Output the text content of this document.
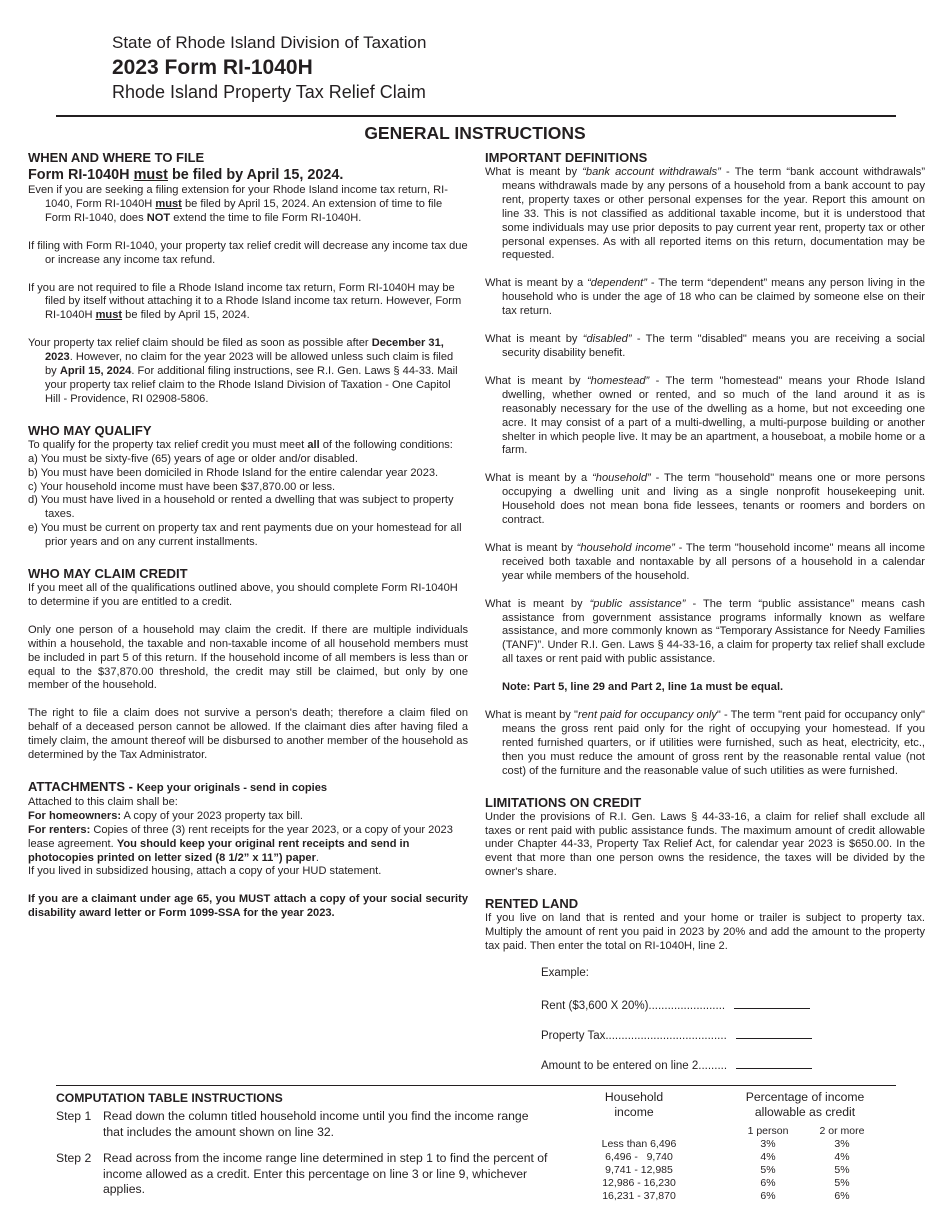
State of Rhode Island Division of Taxation
2023 Form RI-1040H
Rhode Island Property Tax Relief Claim
GENERAL INSTRUCTIONS

WHEN AND WHERE TO FILE

Form RI-1040H must be filed by April 15, 2024.

Even if you are seeking a filing extension for your Rhode Island income tax return, RI-1040, Form RI-1040H must be filed by April 15, 2024. An extension of time to file Form RI-1040, does NOT extend the time to file Form RI-1040H.

If filing with Form RI-1040, your property tax relief credit will decrease any income tax due or increase any income tax refund.

If you are not required to file a Rhode Island income tax return, Form RI-1040H may be filed by itself without attaching it to a Rhode Island income tax return. However, Form RI-1040H must be filed by April 15, 2024.

Your property tax relief claim should be filed as soon as possible after December 31, 2023. However, no claim for the year 2023 will be allowed unless such claim is filed by April 15, 2024. For additional filing instructions, see R.I. Gen. Laws § 44-33. Mail your property tax relief claim to the Rhode Island Division of Taxation - One Capitol Hill - Providence, RI 02908-5806.

WHO MAY QUALIFY

To qualify for the property tax relief credit you must meet all of the following conditions:

a) You must be sixty-five (65) years of age or older and/or disabled.

b) You must have been domiciled in Rhode Island for the entire calendar year 2023.

c) Your household income must have been $37,870.00 or less.

d) You must have lived in a household or rented a dwelling that was subject to property taxes.

e) You must be current on property tax and rent payments due on your homestead for all prior years and on any current installments.

WHO MAY CLAIM CREDIT

If you meet all of the qualifications outlined above, you should complete Form RI-1040H to determine if you are entitled to a credit.

Only one person of a household may claim the credit. If there are multiple individuals within a household, the taxable and non-taxable income of all household members must be included in part 5 of this return. If the household income of all members is less than or equal to the $37,870.00 threshold, the credit may still be claimed, but only by one member of the household.

The right to file a claim does not survive a person's death; therefore a claim filed on behalf of a deceased person cannot be allowed. If the claimant dies after having filed a timely claim, the amount thereof will be disbursed to another member of the household as determined by the Tax Administrator.

ATTACHMENTS - Keep your originals - send in copies

Attached to this claim shall be:

For homeowners: A copy of your 2023 property tax bill.

For renters: Copies of three (3) rent receipts for the year 2023, or a copy of your 2023 lease agreement. You should keep your original rent receipts and send in photocopies printed on letter sized (8 1/2” x 11”) paper.

If you lived in subsidized housing, attach a copy of your HUD statement.

If you are a claimant under age 65, you MUST attach a copy of your social security disability award letter or Form 1099-SSA for the year 2023.

IMPORTANT DEFINITIONS

What is meant by “bank account withdrawals” - The term “bank account withdrawals” means withdrawals made by any persons of a household from a bank account to pay rent, property taxes or other personal expenses for the year. Report this amount on line 33. This is not classified as additional taxable income, but it is understood that some individuals may use prior deposits to pay current year rent, property tax or other personal expenses. As with all reported items on this return, documentation may be requested.

What is meant by a “dependent” - The term “dependent” means any person living in the household who is under the age of 18 who can be claimed by someone else on their tax return.

What is meant by “disabled” - The term "disabled" means you are receiving a social security disability benefit.

What is meant by “homestead” - The term "homestead" means your Rhode Island dwelling, whether owned or rented, and so much of the land around it as is reasonably necessary for the use of the dwelling as a home, but not exceeding one acre. It may consist of a part of a multi-dwelling, a multi-purpose building or another shelter in which people live. It may be an apartment, a houseboat, a mobile home or a farm.

What is meant by a “household” - The term "household" means one or more persons occupying a dwelling unit and living as a single nonprofit housekeeping unit. Household does not mean bona fide lessees, tenants or roomers and borders on contract.

What is meant by “household income” - The term "household income" means all income received both taxable and nontaxable by all persons of a household in a calendar year while members of the household.

What is meant by “public assistance” - The term “public assistance” means cash assistance from government assistance programs informally known as welfare assistance, and more commonly known as “Temporary Assistance for Needy Families (TANF)”. Under R.I. Gen. Laws § 44-33-16, a claim for property tax relief shall exclude all taxes or rent paid with public assistance.

Note: Part 5, line 29 and Part 2, line 1a must be equal.

What is meant by "rent paid for occupancy only" - The term "rent paid for occupancy only" means the gross rent paid only for the right of occupying your homestead. If you rented furnished quarters, or if utilities were furnished, such as heat, electricity, etc., then you must reduce the amount of gross rent by the reasonable rental value (not cost) of the furniture and the reasonable value of such utilities as were furnished.

LIMITATIONS ON CREDIT

Under the provisions of R.I. Gen. Laws § 44-33-16, a claim for relief shall exclude all taxes or rent paid with public assistance funds. The maximum amount of credit allowable under Chapter 44-33, Property Tax Relief Act, for calendar year 2023 is $650.00. In the event that more than one person owns the residence, the taxes will be divided by the owner's share.

RENTED LAND

If you live on land that is rented and your home or trailer is subject to property tax. Multiply the amount of rent you paid in 2023 by 20% and add the amount to the property tax paid. Then enter the total on RI-1040H, line 2.

Example:
Rent ($3,600 X 20%)........................
Property Tax......................................
Amount to be entered on line 2.........
COMPUTATION TABLE INSTRUCTIONS
Step 1 Read down the column titled household income until you find the income range that includes the amount shown on line 32.
Step 2 Read across from the income range line determined in step 1 to find the percent of income allowed as a credit. Enter this percentage on line 3 or line 9, whichever applies.
Household income
Percentage of income allowable as credit
1 person	2 or more
Less than 6,496	3%	3%
6,496 -   9,740	4%	4%
9,741 - 12,985	5%	5%
12,986 - 16,230	6%	5%
16,231 - 37,870	6%	6%
